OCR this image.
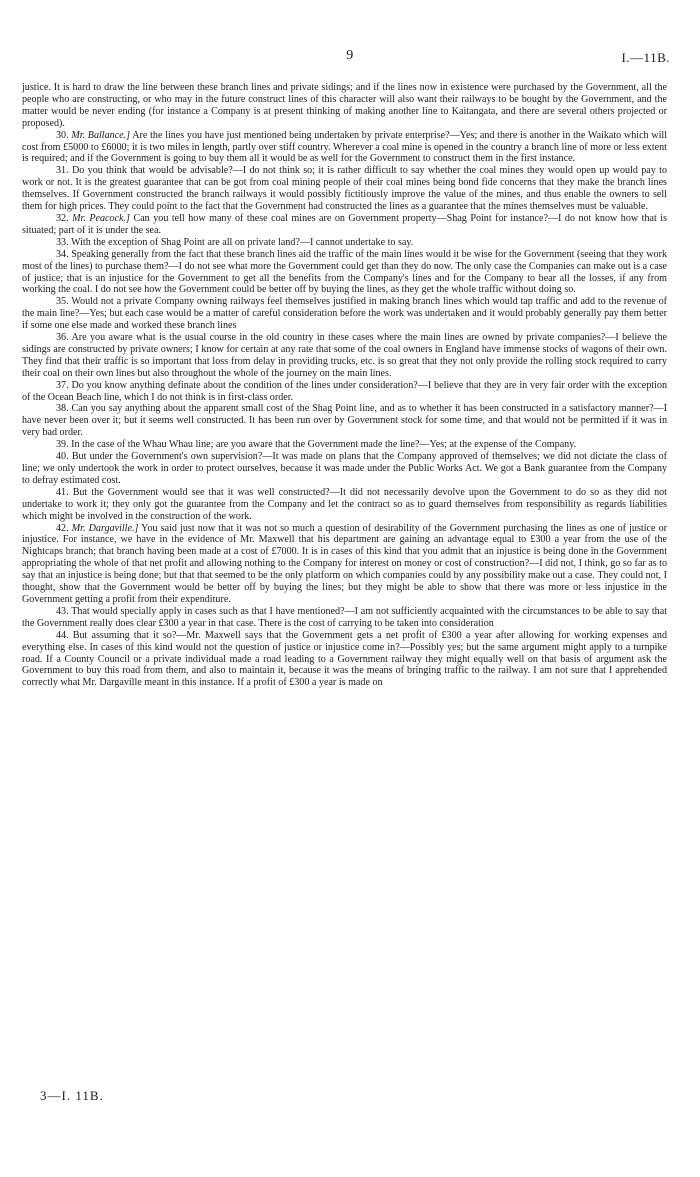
9	I.—11B.

justice. It is hard to draw the line between these branch lines and private sidings; and if the lines now in existence were purchased by the Government, all the people who are constructing, or who may in the future construct lines of this character will also want their railways to be bought by the Government, and the matter would be never ending (for instance a Company is at present thinking of making another line to Kaitangata, and there are several others projected or proposed).

30. Mr. Ballance.] Are the lines you have just mentioned being undertaken by private enterprise?—Yes; and there is another in the Waikato which will cost from £5000 to £6000; it is two miles in length, partly over stiff country. Wherever a coal mine is opened in the country a branch line of more or less extent is required; and if the Government is going to buy them all it would be as well for the Government to construct them in the first instance.

31. Do you think that would be advisable?—I do not think so; it is rather difficult to say whether the coal mines they would open up would pay to work or not. It is the greatest guarantee that can be got from coal mining people of their coal mines being bond fide concerns that they make the branch lines themselves. If Government constructed the branch railways it would possibly fictitiously improve the value of the mines, and thus enable the owners to sell them for high prices. They could point to the fact that the Government had constructed the lines as a guarantee that the mines themselves must be valuable.

32. Mr. Peacock.] Can you tell how many of these coal mines are on Government property—Shag Point for instance?—I do not know how that is situated; part of it is under the sea.

33. With the exception of Shag Point are all on private land?—I cannot undertake to say.

34. Speaking generally from the fact that these branch lines aid the traffic of the main lines would it be wise for the Government (seeing that they work most of the lines) to purchase them?—I do not see what more the Government could get than they do now. The only case the Companies can make out is a case of justice; that is an injustice for the Government to get all the benefits from the Company's lines and for the Company to bear all the losses, if any from working the coal. I do not see how the Government could be better off by buying the lines, as they get the whole traffic without doing so.

35. Would not a private Company owning railways feel themselves justified in making branch lines which would tap traffic and add to the revenue of the main line?—Yes; but each case would be a matter of careful consideration before the work was undertaken and it would probably generally pay them better if some one else made and worked these branch lines

36. Are you aware what is the usual course in the old country in these cases where the main lines are owned by private companies?—I believe the sidings are constructed by private owners; I know for certain at any rate that some of the coal owners in England have immense stocks of wagons of their own. They find that their traffic is so important that loss from delay in providing trucks, etc. is so great that they not only provide the rolling stock required to carry their coal on their own lines but also throughout the whole of the journey on the main lines.

37. Do you know anything definate about the condition of the lines under consideration?—I believe that they are in very fair order with the exception of the Ocean Beach line, which I do not think is in first-class order.

38. Can you say anything about the apparent small cost of the Shag Point line, and as to whether it has been constructed in a satisfactory manner?—I have never been over it; but it seems well constructed. It has been run over by Government stock for some time, and that would not be permitted if it was in very bad order.

39. In the case of the Whau Whau line; are you aware that the Government made the line?—Yes; at the expense of the Company.

40. But under the Government's own supervision?—It was made on plans that the Company approved of themselves; we did not dictate the class of line; we only undertook the work in order to protect ourselves, because it was made under the Public Works Act. We got a Bank guarantee from the Company to defray estimated cost.

41. But the Government would see that it was well constructed?—It did not necessarily devolve upon the Government to do so as they did not undertake to work it; they only got the guarantee from the Company and let the contract so as to guard themselves from responsibility as regards liabilities which might be involved in the construction of the work.

42. Mr. Dargaville.] You said just now that it was not so much a question of desirability of the Government purchasing the lines as one of justice or injustice. For instance, we have in the evidence of Mr. Maxwell that his department are gaining an advantage equal to £300 a year from the use of the Nightcaps branch; that branch having been made at a cost of £7000. It is in cases of this kind that you admit that an injustice is being done in the Government appropriating the whole of that net profit and allowing nothing to the Company for interest on money or cost of construction?—I did not, I think, go so far as to say that an injustice is being done; but that that seemed to be the only platform on which companies could by any possibility make out a case. They could not, I thought, show that the Government would be better off by buying the lines; but they might be able to show that there was more or less injustice in the Government getting a profit from their expenditure.

43. That would specially apply in cases such as that I have mentioned?—I am not sufficiently acquainted with the circumstances to be able to say that the Government really does clear £300 a year in that case. There is the cost of carrying to be taken into consideration

44. But assuming that it so?—Mr. Maxwell says that the Government gets a net profit of £300 a year after allowing for working expenses and everything else. In cases of this kind would not the question of justice or injustice come in?—Possibly yes; but the same argument might apply to a turnpike road. If a County Council or a private individual made a road leading to a Government railway they might equally well on that basis of argument ask the Government to buy this road from them, and also to maintain it, because it was the means of bringing traffic to the railway. I am not sure that I apprehended correctly what Mr. Dargaville meant in this instance. If a profit of £300 a year is made on

3—I. 11B.
